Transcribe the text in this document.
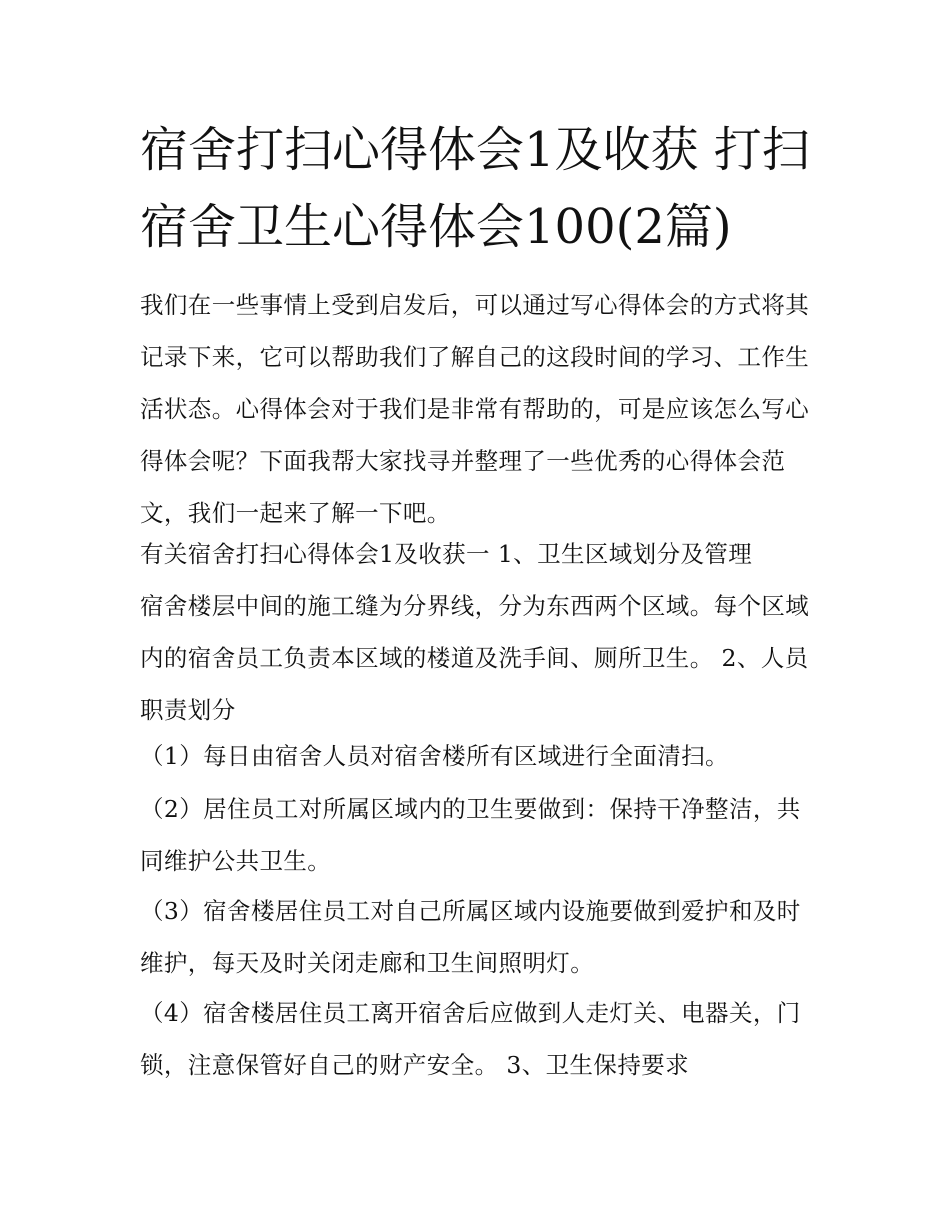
宿舍打扫心得体会1及收获 打扫宿舍卫生心得体会100(2篇)

我们在一些事情上受到启发后，可以通过写心得体会的方式将其记录下来，它可以帮助我们了解自己的这段时间的学习、工作生活状态。心得体会对于我们是非常有帮助的，可是应该怎么写心得体会呢？下面我帮大家找寻并整理了一些优秀的心得体会范文，我们一起来了解一下吧。

有关宿舍打扫心得体会1及收获一 1、卫生区域划分及管理

宿舍楼层中间的施工缝为分界线，分为东西两个区域。每个区域内的宿舍员工负责本区域的楼道及洗手间、厕所卫生。 2、人员职责划分

（1）每日由宿舍人员对宿舍楼所有区域进行全面清扫。

（2）居住员工对所属区域内的卫生要做到：保持干净整洁，共同维护公共卫生。

（3）宿舍楼居住员工对自己所属区域内设施要做到爱护和及时维护，每天及时关闭走廊和卫生间照明灯。

（4）宿舍楼居住员工离开宿舍后应做到人走灯关、电器关，门锁，注意保管好自己的财产安全。 3、卫生保持要求
